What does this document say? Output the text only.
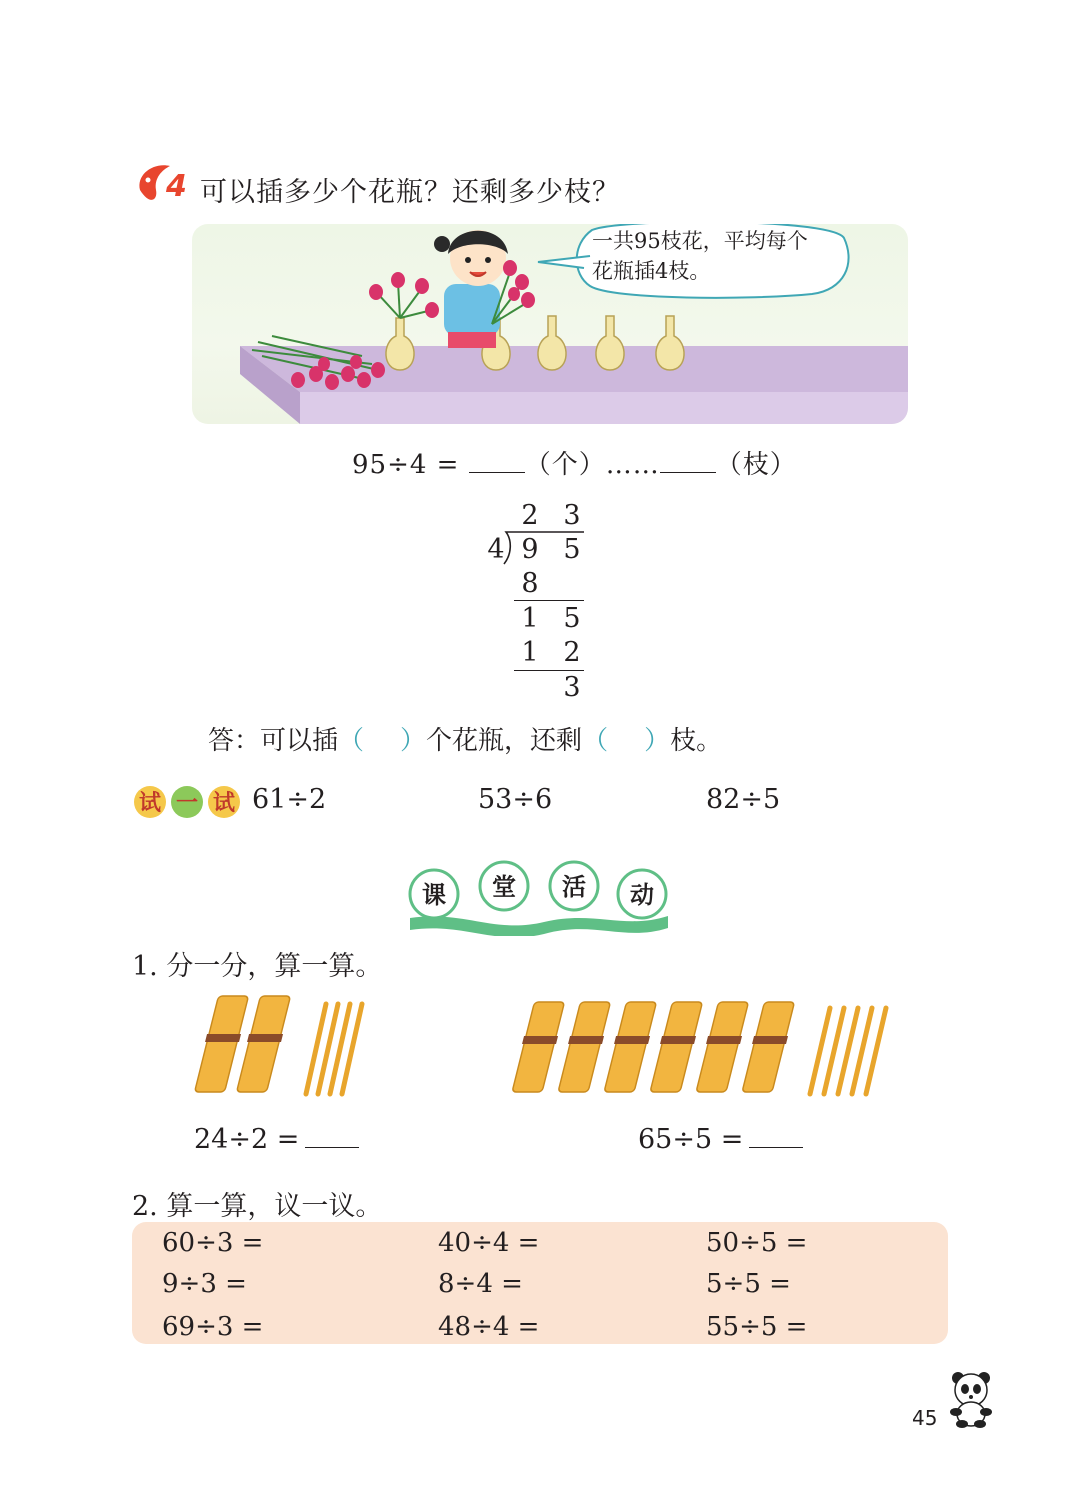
4 可以插多少个花瓶？还剩多少枝？
一共95枝花，平均每个
花瓶插4枝。
95÷4 =	（个）…… （枝）
2 3
4 9 5
8
1 5
1 2
3
答：可以插（ ）个花瓶，还剩（ ）枝。
试 一 试 61÷2	53÷6	82÷5
课 堂 活 动
1. 分一分，算一算。
24÷2 =	65÷5 =
2. 算一算，议一议。
60÷3 =	40÷4 =	50÷5 =
9÷3 =	8÷4 =	5÷5 =
69÷3 =	48÷4 =	55÷5 =
45
